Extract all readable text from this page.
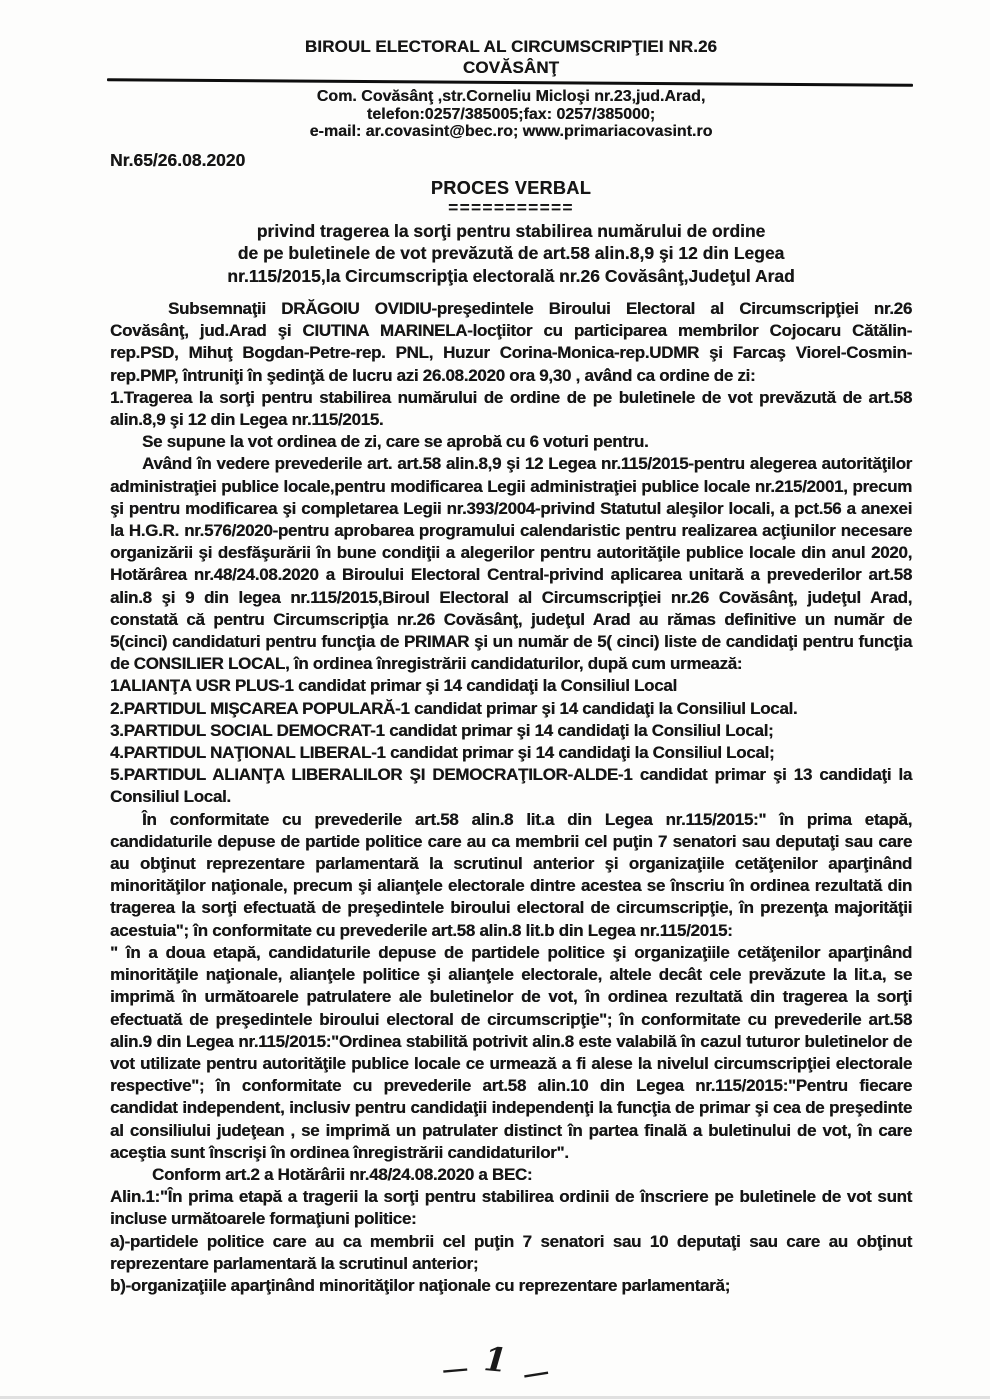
BIROUL ELECTORAL AL CIRCUMSCRIPŢIEI NR.26
COVĂSÂNŢ
Com. Covăsânţ ,str.Corneliu Micloşi nr.23,jud.Arad,
telefon:0257/385005;fax: 0257/385000;
e-mail: ar.covasint@bec.ro; www.primariacovasint.ro
Nr.65/26.08.2020
PROCES VERBAL
===========
privind tragerea la sorţi pentru stabilirea numărului de ordine
de pe buletinele de vot prevăzută de art.58 alin.8,9 şi 12 din Legea
nr.115/2015,la Circumscripţia electorală nr.26 Covăsânţ,Judeţul Arad

Subsemnaţii DRĂGOIU OVIDIU-preşedintele Biroului Electoral al Circumscripţiei nr.26 Covăsânţ, jud.Arad şi CIUTINA MARINELA-locţiitor cu participarea membrilor Cojocaru Cătălin-rep.PSD, Mihuţ Bogdan-Petre-rep. PNL, Huzur Corina-Monica-rep.UDMR şi Farcaş Viorel-Cosmin-rep.PMP, întruniţi în şedinţă de lucru azi 26.08.2020 ora 9,30 , având ca ordine de zi:

1.Tragerea la sorţi pentru stabilirea numărului de ordine de pe buletinele de vot prevăzută de art.58 alin.8,9 şi 12 din Legea nr.115/2015.

Se supune la vot ordinea de zi, care se aprobă cu 6 voturi pentru.

Având în vedere prevederile art. art.58 alin.8,9 şi 12 Legea nr.115/2015-pentru alegerea autorităţilor administraţiei publice locale,pentru modificarea Legii administraţiei publice locale nr.215/2001, precum şi pentru modificarea şi completarea Legii nr.393/2004-privind Statutul aleşilor locali, a pct.56 a anexei la H.G.R. nr.576/2020-pentru aprobarea programului calendaristic pentru realizarea acţiunilor necesare organizării şi desfăşurării în bune condiţii a alegerilor pentru autorităţile publice locale din anul 2020, Hotărârea nr.48/24.08.2020 a Biroului Electoral Central-privind aplicarea unitară a prevederilor art.58 alin.8 şi 9 din legea nr.115/2015,Biroul Electoral al Circumscripţiei nr.26 Covăsânţ, judeţul Arad, constată că pentru Circumscripţia nr.26 Covăsânţ, judeţul Arad au rămas definitive un număr de 5(cinci) candidaturi pentru funcţia de PRIMAR şi un număr de 5( cinci) liste de candidaţi pentru funcţia de CONSILIER LOCAL, în ordinea înregistrării candidaturilor, după cum urmează:

1ALIANŢA USR PLUS-1 candidat primar şi 14 candidaţi la Consiliul Local

2.PARTIDUL MIŞCAREA POPULARĂ-1 candidat primar şi 14 candidaţi la Consiliul Local.

3.PARTIDUL SOCIAL DEMOCRAT-1 candidat primar şi 14 candidaţi la Consiliul Local;

4.PARTIDUL NAŢIONAL LIBERAL-1 candidat primar şi 14 candidaţi la Consiliul Local;

5.PARTIDUL ALIANŢA LIBERALILOR ŞI DEMOCRAŢILOR-ALDE-1 candidat primar şi 13 candidaţi la Consiliul Local.

În conformitate cu prevederile art.58 alin.8 lit.a din Legea nr.115/2015:" în prima etapă, candidaturile depuse de partide politice care au ca membrii cel puţin 7 senatori sau deputaţi sau care au obţinut reprezentare parlamentară la scrutinul anterior şi organizaţiile cetăţenilor aparţinând minorităţilor naţionale, precum şi alianţele electorale dintre acestea se înscriu în ordinea rezultată din tragerea la sorţi efectuată de preşedintele biroului electoral de circumscripţie, în prezenţa majorităţii acestuia"; în conformitate cu prevederile art.58 alin.8 lit.b din Legea nr.115/2015:

" în a doua etapă, candidaturile depuse de partidele politice şi organizaţiile cetăţenilor aparţinând minorităţile naţionale, alianţele politice şi alianţele electorale, altele decât cele prevăzute la lit.a, se imprimă în următoarele patrulatere ale buletinelor de vot, în ordinea rezultată din tragerea la sorţi efectuată de preşedintele biroului electoral de circumscripţie"; în conformitate cu prevederile art.58 alin.9 din Legea nr.115/2015:"Ordinea stabilită potrivit alin.8 este valabilă în cazul tuturor buletinelor de vot utilizate pentru autorităţile publice locale ce urmează a fi alese la nivelul circumscripţiei electorale respective"; în conformitate cu prevederile art.58 alin.10 din Legea nr.115/2015:"Pentru fiecare candidat independent, inclusiv pentru candidaţii independenţi la funcţia de primar şi cea de preşedinte al consiliului judeţean , se imprimă un patrulater distinct în partea finală a buletinului de vot, în care aceştia sunt înscrişi în ordinea înregistrării candidaturilor".

Conform art.2 a Hotărârii nr.48/24.08.2020 a BEC:

Alin.1:"În prima etapă a tragerii la sorţi pentru stabilirea ordinii de înscriere pe buletinele de vot sunt incluse următoarele formaţiuni politice:

a)-partidele politice care au ca membrii cel puţin 7 senatori sau 10 deputaţi sau care au obţinut reprezentare parlamentară la scrutinul anterior;

b)-organizaţiile aparţinând minorităţilor naţionale cu reprezentare parlamentară;

— 1 —
